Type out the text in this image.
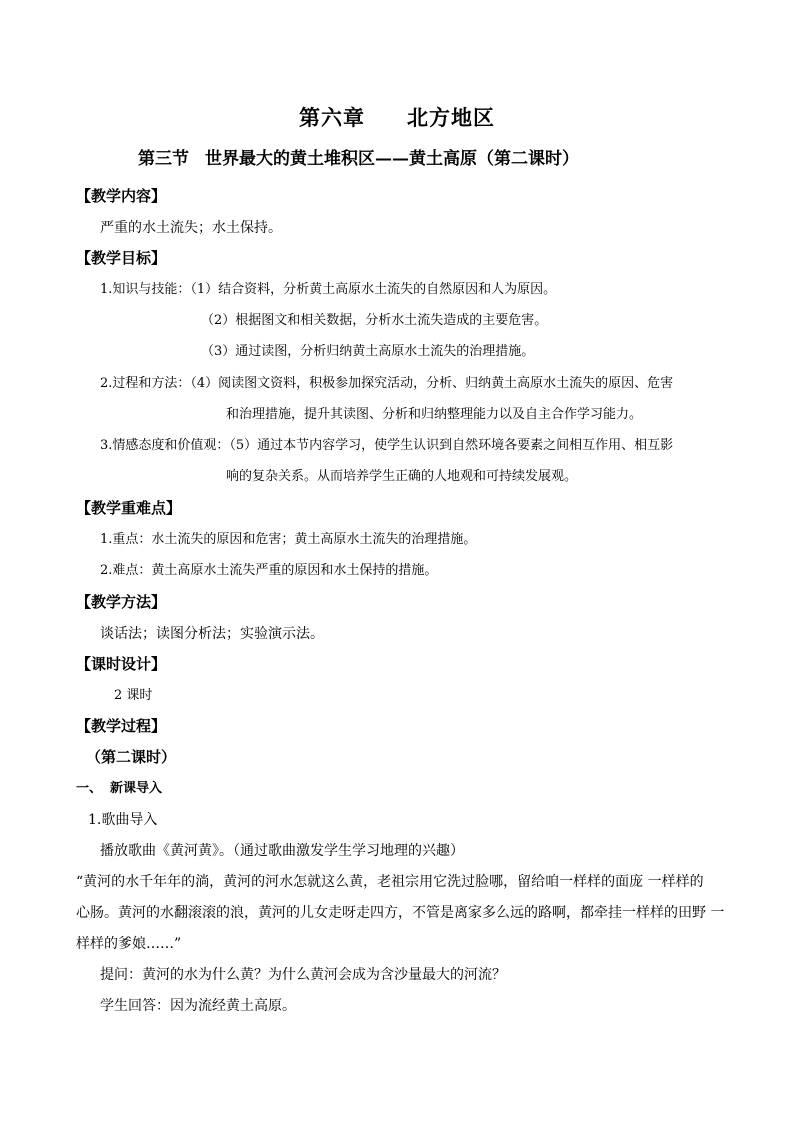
第六章 北方地区
第三节 世界最大的黄土堆积区——黄土高原（第二课时）
【教学内容】
严重的水土流失；水土保持。
【教学目标】
1.知识与技能：（1）结合资料，分析黄土高原水土流失的自然原因和人为原因。
（2）根据图文和相关数据，分析水土流失造成的主要危害。
（3）通过读图，分析归纳黄土高原水土流失的治理措施。
2.过程和方法：（4）阅读图文资料，积极参加探究活动，分析、归纳黄土高原水土流失的原因、危害
和治理措施，提升其读图、分析和归纳整理能力以及自主合作学习能力。
3.情感态度和价值观：（5）通过本节内容学习，使学生认识到自然环境各要素之间相互作用、相互影
响的复杂关系。从而培养学生正确的人地观和可持续发展观。
【教学重难点】
1.重点：水土流失的原因和危害；黄土高原水土流失的治理措施。
2.难点：黄土高原水土流失严重的原因和水土保持的措施。
【教学方法】
谈话法；读图分析法；实验演示法。
【课时设计】
2 课时
【教学过程】
（第二课时）
一、 新课导入
1.歌曲导入
播放歌曲《黄河黄》。（通过歌曲激发学生学习地理的兴趣）
“黄河的水千年年的淌，黄河的河水怎就这么黄，老祖宗用它洗过脸哪，留给咱一样样的面庞 一样样的
心肠。黄河的水翻滚滚的浪，黄河的儿女走呀走四方，不管是离家多么远的路啊，都牵挂一样样的田野 一
样样的爹娘……”
提问：黄河的水为什么黄？为什么黄河会成为含沙量最大的河流？
学生回答：因为流经黄土高原。
